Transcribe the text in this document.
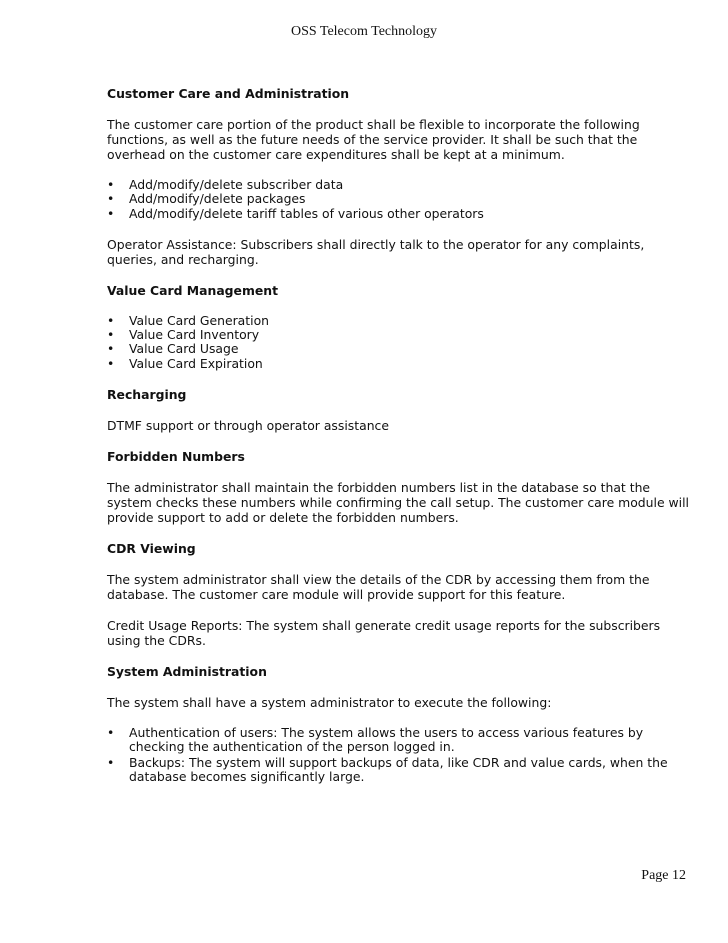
OSS Telecom Technology
Customer Care and Administration

The customer care portion of the product shall be flexible to incorporate the following functions, as well as the future needs of the service provider. It shall be such that the overhead on the customer care expenditures shall be kept at a minimum.

• Add/modify/delete subscriber data
• Add/modify/delete packages
• Add/modify/delete tariff tables of various other operators

Operator Assistance: Subscribers shall directly talk to the operator for any complaints, queries, and recharging.

Value Card Management
• Value Card Generation
• Value Card Inventory
• Value Card Usage
• Value Card Expiration
Recharging

DTMF support or through operator assistance

Forbidden Numbers

The administrator shall maintain the forbidden numbers list in the database so that the system checks these numbers while confirming the call setup. The customer care module will provide support to add or delete the forbidden numbers.

CDR Viewing

The system administrator shall view the details of the CDR by accessing them from the database. The customer care module will provide support for this feature.

Credit Usage Reports: The system shall generate credit usage reports for the subscribers using the CDRs.

System Administration

The system shall have a system administrator to execute the following:

• Authentication of users: The system allows the users to access various features by checking the authentication of the person logged in.
• Backups: The system will support backups of data, like CDR and value cards, when the database becomes significantly large.
Page 12
